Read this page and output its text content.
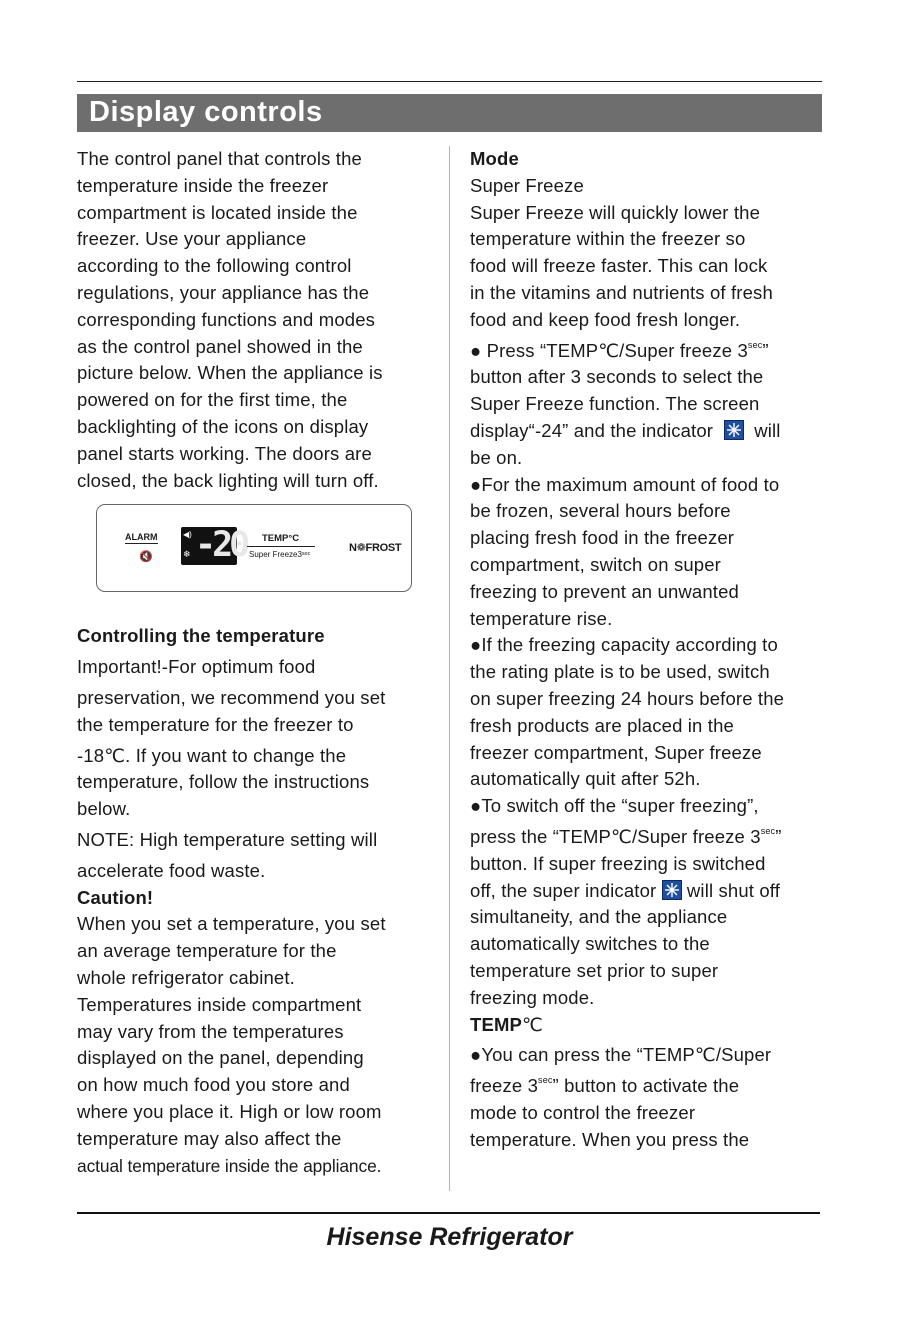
Display controls

The control panel that controls the

temperature inside the freezer

compartment is located inside the

freezer. Use your appliance

according to the following control

regulations, your appliance has the

corresponding functions and modes

as the control panel showed in the

picture below. When the appliance is

powered on for the first time, the

backlighting of the icons on display

panel starts working. The doors are

closed, the back lighting will turn off.

Controlling the temperature

Important!-For optimum food

preservation, we recommend you set

the temperature for the freezer to

-18℃. If you want to change the

temperature, follow the instructions

below.

NOTE: High temperature setting will

accelerate food waste.

Caution!

When you set a temperature, you set

an average temperature for the

whole refrigerator cabinet.

Temperatures inside compartment

may vary from the temperatures

displayed on the panel, depending

on how much food you store and

where you place it. High or low room

temperature may also affect the

actual temperature inside the appliance.

ALARM
🔇
◀)
❄ -20 TEMP°C
Super Freeze3ˢᵉᶜ
N❁FROST

Mode

Super Freeze

Super Freeze will quickly lower the

temperature within the freezer so

food will freeze faster. This can lock

in the vitamins and nutrients of fresh

food and keep food fresh longer.

● Press “TEMP℃/Super freeze $3^{sec}$”

button after 3 seconds to select the

Super Freeze function. The screen

display“-24” and the indicator will

be on.

●For the maximum amount of food to

be frozen, several hours before

placing fresh food in the freezer

compartment, switch on super

freezing to prevent an unwanted

temperature rise.

●If the freezing capacity according to

the rating plate is to be used, switch

on super freezing 24 hours before the

fresh products are placed in the

freezer compartment, Super freeze

automatically quit after 52h.

●To switch off the “super freezing”,

press the “TEMP℃/Super freeze $3^{sec}$”

button. If super freezing is switched

off, the super indicator will shut off

simultaneity, and the appliance

automatically switches to the

temperature set prior to super

freezing mode.

TEMP℃

●You can press the “TEMP℃/Super

freeze $3^{sec}$” button to activate the

mode to control the freezer

temperature. When you press the

Hisense Refrigerator
